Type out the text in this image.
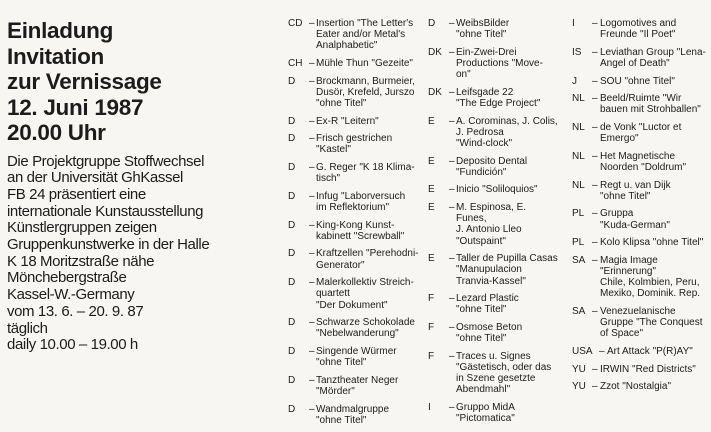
Einladung
Invitation
zur Vernissage
12. Juni 1987
20.00 Uhr
Die Projektgruppe Stoffwechsel
an der Universität GhKassel
FB 24 präsentiert eine
internationale Kunstausstellung
Künstlergruppen zeigen
Gruppenkunstwerke in der Halle
K 18 Moritzstraße nähe
Mönchebergstraße
Kassel-W.-Germany
vom 13. 6. – 20. 9. 87
täglich
daily 10.00 – 19.00 h
CD – Insertion "The Letter's
Eater and/or Metal's
Analphabetic"
CH – Mühle Thun "Gezeite"
D – Brockmann, Burmeier,
Dusör, Krefeld, Jurszo
"ohne Titel"
D – Ex-R "Leitern"
D – Frisch gestrichen
"Kastel"
D – G. Reger "K 18 Klima-
tisch"
D – Infug "Laborversuch
im Reflektorium"
D – King-Kong Kunst-
kabinett "Screwball"
D – Kraftzellen "Perehodni-
Generator"
D – Malerkollektiv Streich-
quartett
"Der Dokument"
D – Schwarze Schokolade
"Nebelwanderung"
D – Singende Würmer
"ohne Titel"
D – Tanztheater Neger
"Mörder"
D – Wandmalgruppe
"ohne Titel"
D – WeibsBilder
"ohne Titel"
DK – Ein-Zwei-Drei
Productions "Move-
on"
DK – Leifsgade 22
"The Edge Project"
E – A. Corominas, J. Colis,
J. Pedrosa
"Wind-clock"
E – Deposito Dental
"Fundición"
E – Inicio "Soliloquios"
E – M. Espinosa, E. Funes,
J. Antonio Lleo
"Outspaint"
E – Taller de Pupilla Casas
"Manupulacion
Tranvia-Kassel"
F – Lezard Plastic
"ohne Titel"
F – Osmose Beton
"ohne Titel"
F – Traces u. Signes
"Gästetisch, oder das
in Szene gesetzte
Abendmahl"
I – Gruppo MidA
"Pictomatica"
I – Logomotives and
Freunde "Il Poet"
IS – Leviathan Group "Lena-
Angel of Death"
J – SOU "ohne Titel"
NL – Beeld/Ruimte "Wir
bauen mit Strohballen"
NL – de Vonk "Luctor et
Emergo"
NL – Het Magnetische
Noorden "Doldrum"
NL – Regt u. van Dijk
"ohne Titel"
PL – Gruppa
"Kuda-German"
PL – Kolo Klipsa "ohne Titel"
SA – Magia Image
"Erinnerung"
Chile, Kolmbien, Peru,
Mexiko, Dominik. Rep.
SA – Venezuelanische
Gruppe "The Conquest
of Space"
USA – Art Attack "P(R)AY"
YU – IRWIN "Red Districts"
YU – Zzot "Nostalgia"
